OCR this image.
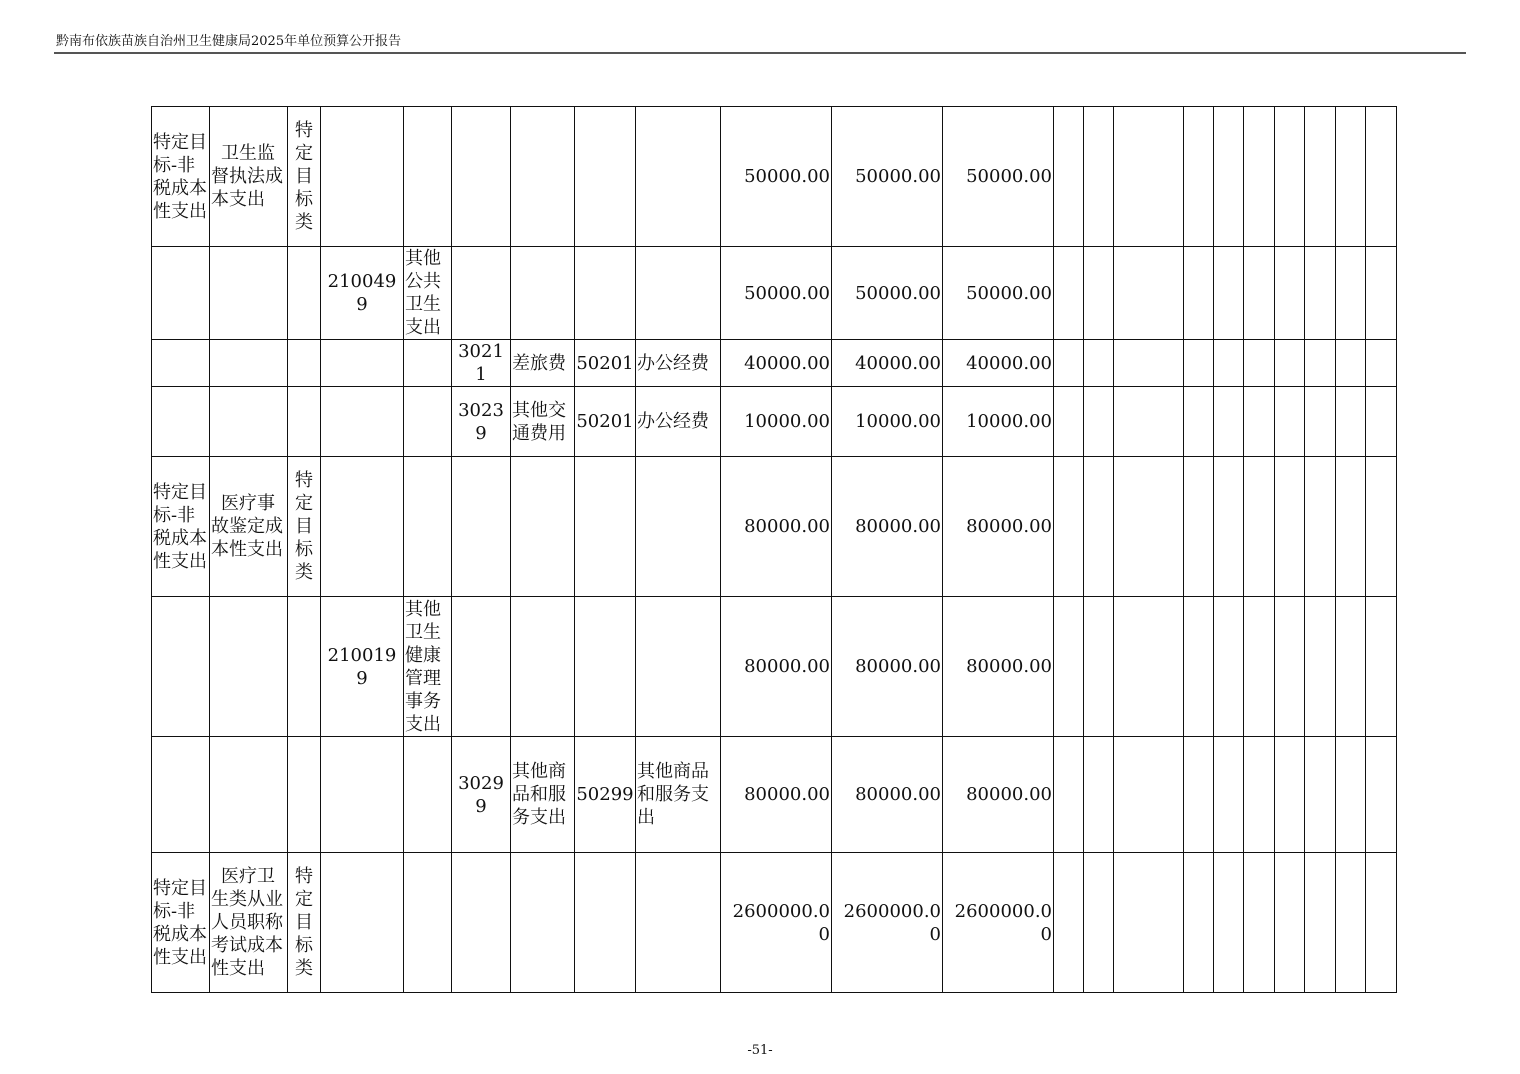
黔南布依族苗族自治州卫生健康局2025年单位预算公开报告
特定目标-非税成本性支出	卫生监督执法成本支出	特定目标类							50000.00	50000.00	50000.00										
			2100499	其他公共卫生支出					50000.00	50000.00	50000.00										
					30211	差旅费	50201	办公经费	40000.00	40000.00	40000.00										
					30239	其他交通费用	50201	办公经费	10000.00	10000.00	10000.00										
特定目标-非税成本性支出	医疗事故鉴定成本性支出	特定目标类							80000.00	80000.00	80000.00										
			2100199	其他卫生健康管理事务支出					80000.00	80000.00	80000.00										
					30299	其他商品和服务支出	50299	其他商品和服务支出	80000.00	80000.00	80000.00										
特定目标-非税成本性支出	医疗卫生类从业人员职称考试成本性支出	特定目标类							2600000.00	2600000.00	2600000.00										
-51-
